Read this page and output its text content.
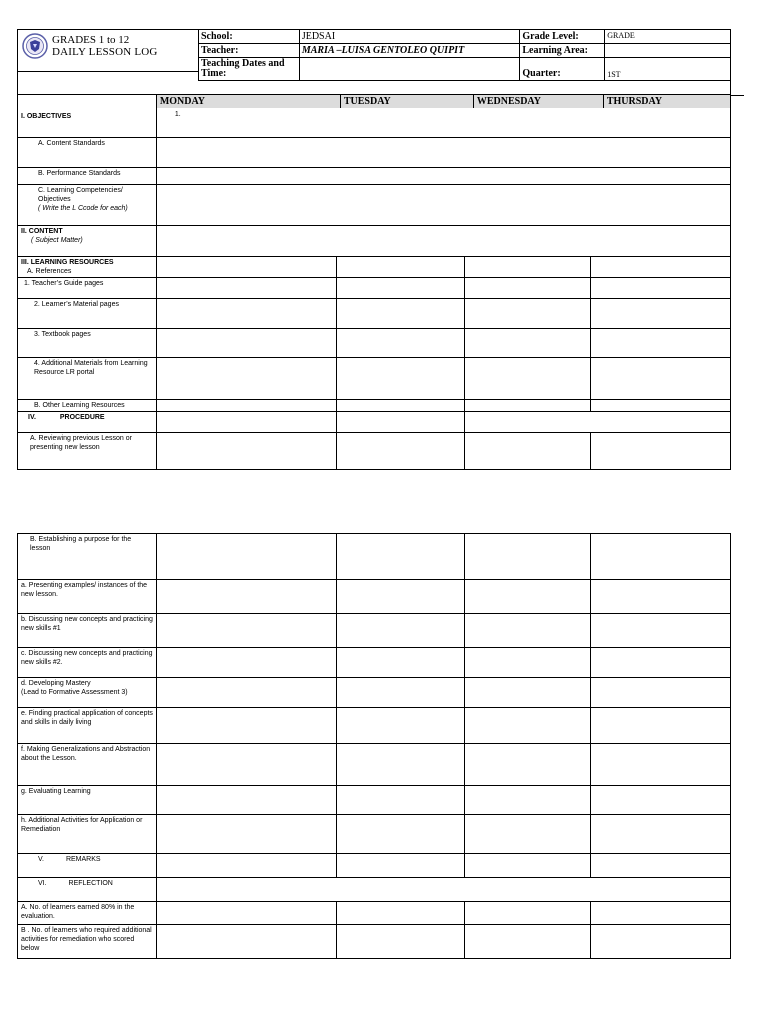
GRADES 1 to 12
DAILY LESSON LOG
School:	JEDSAI	Grade Level:	GRADE
Teacher:	MARIA –LUISA GENTOLEO QUIPIT	Learning Area:	
Teaching Dates and Time:		Quarter:	1ST
I. OBJECTIVES	
MONDAY	TUESDAY	WEDNESDAY	THURSDAY
1.

A. Content Standards	
B. Performance Standards	
C. Learning Competencies/ Objectives
( Write the L Ccode for each)	
II. CONTENT
( Subject Matter)	
III. LEARNING RESOURCES
A. References				
1. Teacher’s Guide pages				
2. Learner’s Material pages				
3. Textbook pages				
4. Additional Materials from Learning Resource LR portal				
B. Other Learning Resources				
IV.	PROCEDURE			
A. Reviewing previous Lesson or presenting new lesson				
B. Establishing a purpose for the lesson				
a. Presenting examples/ instances of the new lesson.				
b. Discussing new concepts and practicing new skills #1				
c. Discussing new concepts and practicing new skills #2.				
d. Developing Mastery
(Lead to Formative Assessment 3)				
e. Finding practical application of concepts and skills in daily living				
f. Making Generalizations and Abstraction about the Lesson.				
g. Evaluating Learning				
h. Additional Activities for Application or Remediation				
V. REMARKS				
VI. REFLECTION				
A. No. of learners earned 80% in the evaluation.				
B . No. of learners who required additional activities for remediation who scored below				
